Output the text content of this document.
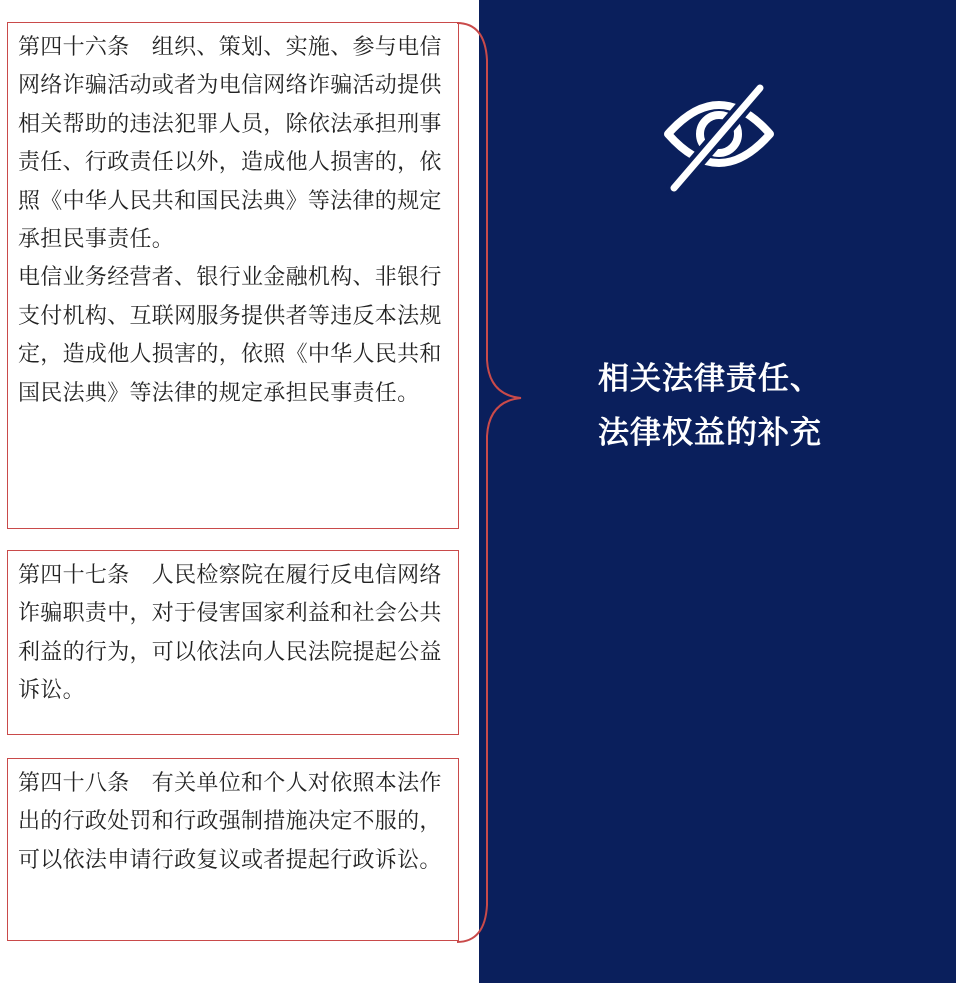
第四十六条　组织、策划、实施、参与电信网络诈骗活动或者为电信网络诈骗活动提供相关帮助的违法犯罪人员，除依法承担刑事责任、行政责任以外，造成他人损害的，依照《中华人民共和国民法典》等法律的规定承担民事责任。

电信业务经营者、银行业金融机构、非银行支付机构、互联网服务提供者等违反本法规定，造成他人损害的，依照《中华人民共和国民法典》等法律的规定承担民事责任。

第四十七条　人民检察院在履行反电信网络诈骗职责中，对于侵害国家利益和社会公共利益的行为，可以依法向人民法院提起公益诉讼。

第四十八条　有关单位和个人对依照本法作出的行政处罚和行政强制措施决定不服的，可以依法申请行政复议或者提起行政诉讼。

相关法律责任、
法律权益的补充
